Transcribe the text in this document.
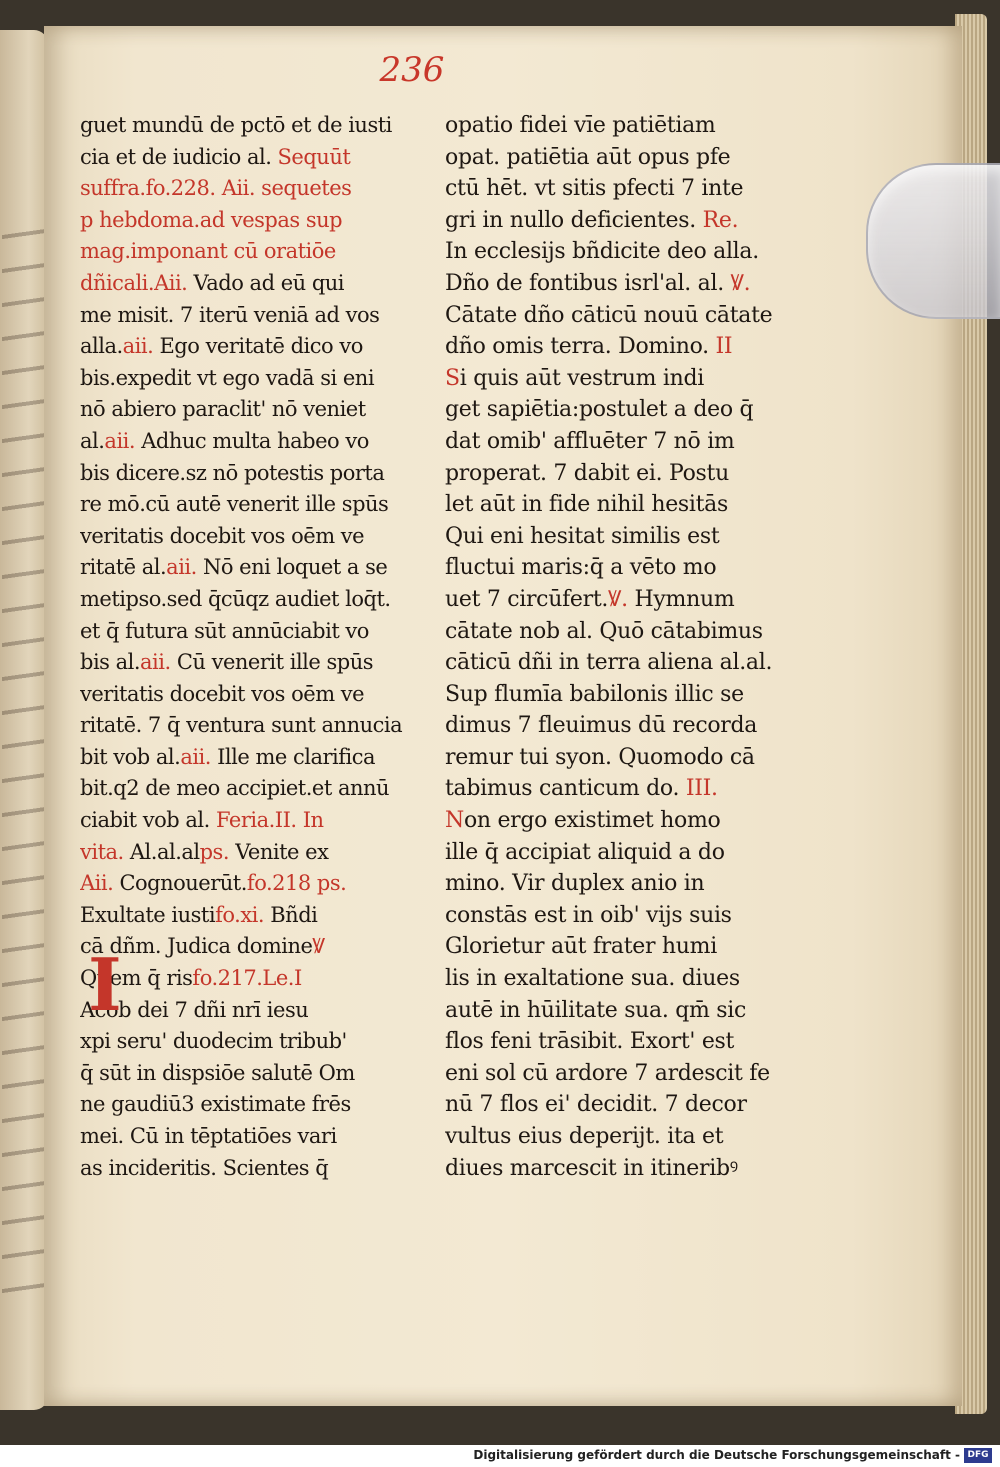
236
guet mundū de pctō et de iusti
cia et de iudicio al. Sequūt
suffra.fo.228. Aii. sequetes
p hebdoma.ad vespas sup
mag.imponant cū oratiōe
dñicali.Aii. Vado ad eū qui
me misit. 7 iterū veniā ad vos
alla.aii. Ego veritatē dico vo
bis.expedit vt ego vadā si eni
nō abiero paraclit' nō veniet
al.aii. Adhuc multa habeo vo
bis dicere.sz nō potestis porta
re mō.cū autē venerit ille spūs
veritatis docebit vos oēm ve
ritatē al.aii. Nō eni loquet a se
metipso.sed q̄cūqz audiet loq̄t.
et q̄ futura sūt annūciabit vo
bis al.aii. Cū venerit ille spūs
veritatis docebit vos oēm ve
ritatē. 7 q̄ ventura sunt annucia
bit vob al.aii. Ille me clarifica
bit.q2 de meo accipiet.et annū
ciabit vob al. Feria.II. In
vita. Al.al.alps. Venite ex
Aii. Cognouerūt.fo.218 ps.
Exultate iustifo.xi. Bñdi
cā dñm. Judica domineꝞ
Quem q̄ risfo.217.Le.I
Acob dei 7 dñi nrī iesu
xpi seru' duodecim tribub'
q̄ sūt in dispsiōe salutē Om
ne gaudiū3 existimate frēs
mei. Cū in tēptatiōes vari
as incideritis. Scientes q̄
opatio fidei vīe patiētiam
opat. patiētia aūt opus pfe
ctū hēt. vt sitis pfecti 7 inte
gri in nullo deficientes. Re.
In ecclesijs bñdicite deo alla.
Dño de fontibus isrl'al. al. Ꝟ.
Cātate dño cāticū nouū cātate
dño omis terra. Domino. II
Si quis aūt vestrum indi
get sapiētia:postulet a deo q̄
dat omib' affluēter 7 nō im
properat. 7 dabit ei. Postu
let aūt in fide nihil hesitās
Qui eni hesitat similis est
fluctui maris:q̄ a vēto mo
uet 7 circūfert.Ꝟ. Hymnum
cātate nob al. Quō cātabimus
cāticū dñi in terra aliena al.al.
Sup flumīa babilonis illic se
dimus 7 fleuimus dū recorda
remur tui syon. Quomodo cā
tabimus canticum do. III.
Non ergo existimet homo
ille q̄ accipiat aliquid a do
mino. Vir duplex anio in
constās est in oib' vijs suis
Glorietur aūt frater humi
lis in exaltatione sua. diues
autē in hūilitate sua. qm̄ sic
flos feni trāsibit. Exort' est
eni sol cū ardore 7 ardescit fe
nū 7 flos ei' decidit. 7 decor
vultus eius deperijt. ita et
diues marcescit in itineribꝰ
I
Digitalisierung gefördert durch die Deutsche Forschungsgemeinschaft - DFG
